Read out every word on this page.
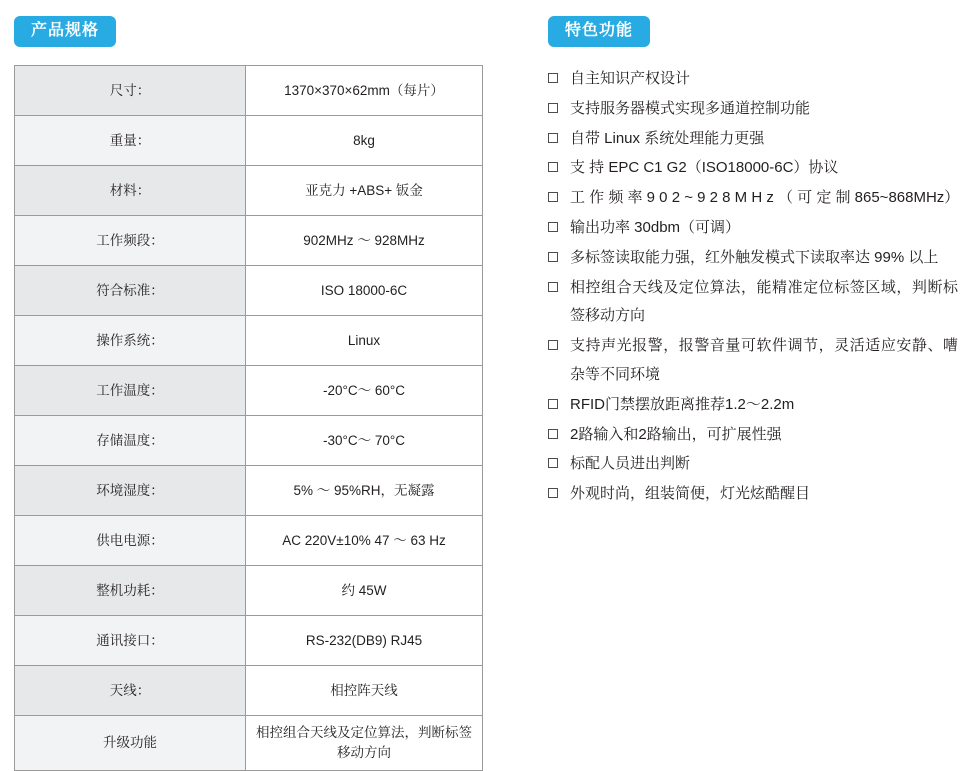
产品规格
尺寸：	1370×370×62mm（每片）
重量：	8kg
材料：	亚克力 +ABS+ 钣金
工作频段：	902MHz ～ 928MHz
符合标准：	ISO 18000-6C
操作系统：	Linux
工作温度：	-20°C～ 60°C
存储温度：	-30°C～ 70°C
环境湿度：	5% ～ 95%RH，无凝露
供电电源：	AC 220V±10% 47 ～ 63 Hz
整机功耗：	约 45W
通讯接口：	RS-232(DB9) RJ45
天线：	相控阵天线
升级功能	相控组合天线及定位算法，判断标签移动方向
特色功能
自主知识产权设计
支持服务器模式实现多通道控制功能
自带 Linux 系统处理能力更强
支 持 EPC C1 G2（ISO18000-6C）协议
工 作 频 率 9 0 2 ~ 9 2 8 M H z （ 可 定 制 865~868MHz）
输出功率 30dbm（可调）
多标签读取能力强，红外触发模式下读取率达 99% 以上
相控组合天线及定位算法，能精准定位标签区域，判断标签移动方向
支持声光报警，报警音量可软件调节，灵活适应安静、嘈杂等不同环境
RFID门禁摆放距离推荐1.2～2.2m
2路输入和2路输出，可扩展性强
标配人员进出判断
外观时尚，组装简便，灯光炫酷醒目
